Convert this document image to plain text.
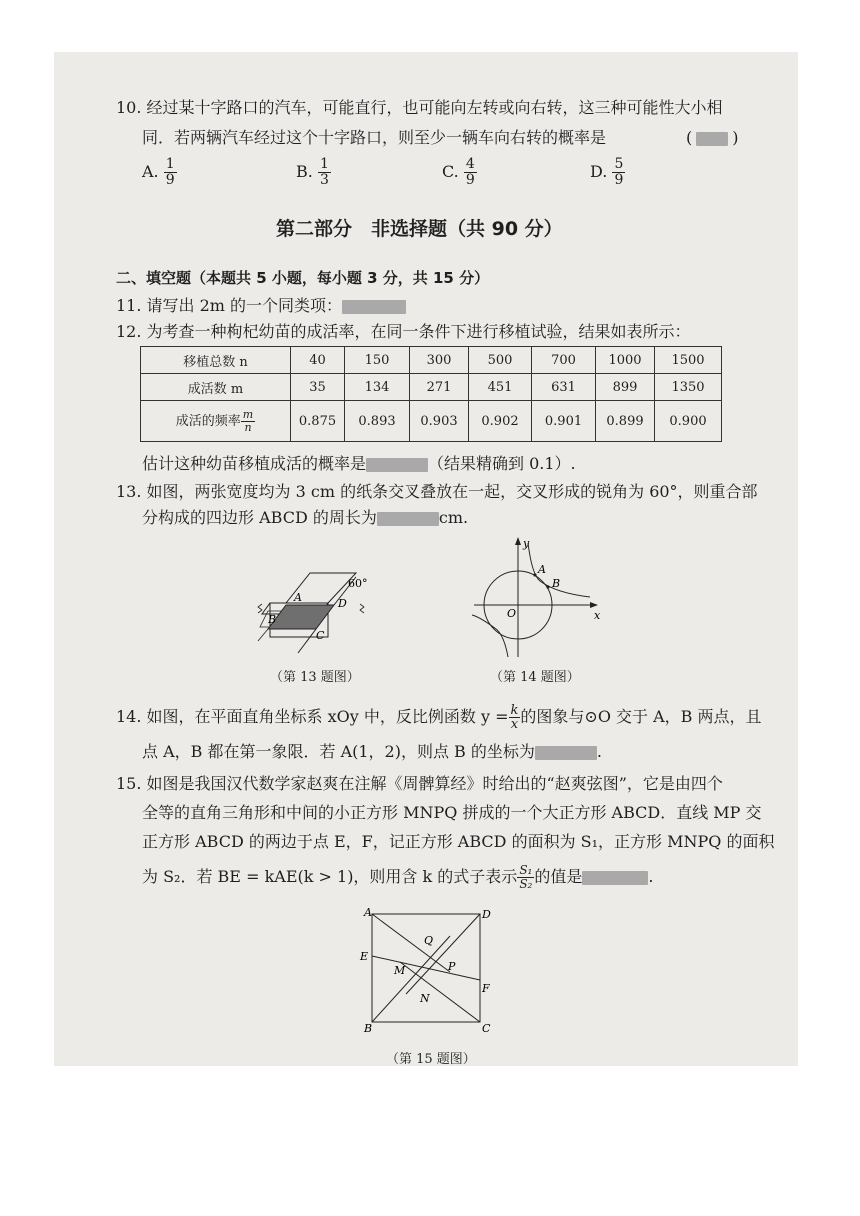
10. 经过某十字路口的汽车，可能直行，也可能向左转或向右转，这三种可能性大小相
同．若两辆汽车经过这个十字路口，则至少一辆车向右转的概率是	(	)
A. $\frac{1}{9}$	B. $\frac{1}{3}$	C. $\frac{4}{9}$	D. $\frac{5}{9}$
第二部分　非选择题（共 90 分）
二、填空题（本题共 5 小题，每小题 3 分，共 15 分）
11. 请写出 2m 的一个同类项：
12. 为考查一种枸杞幼苗的成活率，在同一条件下进行移植试验，结果如表所示：
移植总数 n	40	150	300	500	700	1000	1500
成活数 m	35	134	271	451	631	899	1350
成活的频率 $\frac{m}{n}$	0.875	0.893	0.903	0.902	0.901	0.899	0.900
估计这种幼苗移植成活的概率是	（结果精确到 0.1）.
13. 如图，两张宽度均为 3 cm 的纸条交叉叠放在一起，交叉形成的锐角为 60°，则重合部
分构成的四边形 ABCD 的周长为	cm.
A
B
C
D
60°
（第 13 题图）
y
x
O
A
B
（第 14 题图）
14. 如图，在平面直角坐标系 xOy 中，反比例函数 $y = \frac{k}{x}$ 的图象与⊙O 交于 A，B 两点，且
点 A，B 都在第一象限．若 A(1，2)，则点 B 的坐标为	.
15. 如图是我国汉代数学家赵爽在注解《周髀算经》时给出的“赵爽弦图”，它是由四个
全等的直角三角形和中间的小正方形 MNPQ 拼成的一个大正方形 ABCD．直线 MP 交
正方形 ABCD 的两边于点 E，F，记正方形 ABCD 的面积为 S₁，正方形 MNPQ 的面积
为 S₂．若 BE = kAE(k > 1)，则用含 k 的式子表示 $\frac{\text{S₁}}{\text{S₂}}$ 的值是	.
A
B	C
D
E
F
M
N
P
Q
（第 15 题图）
